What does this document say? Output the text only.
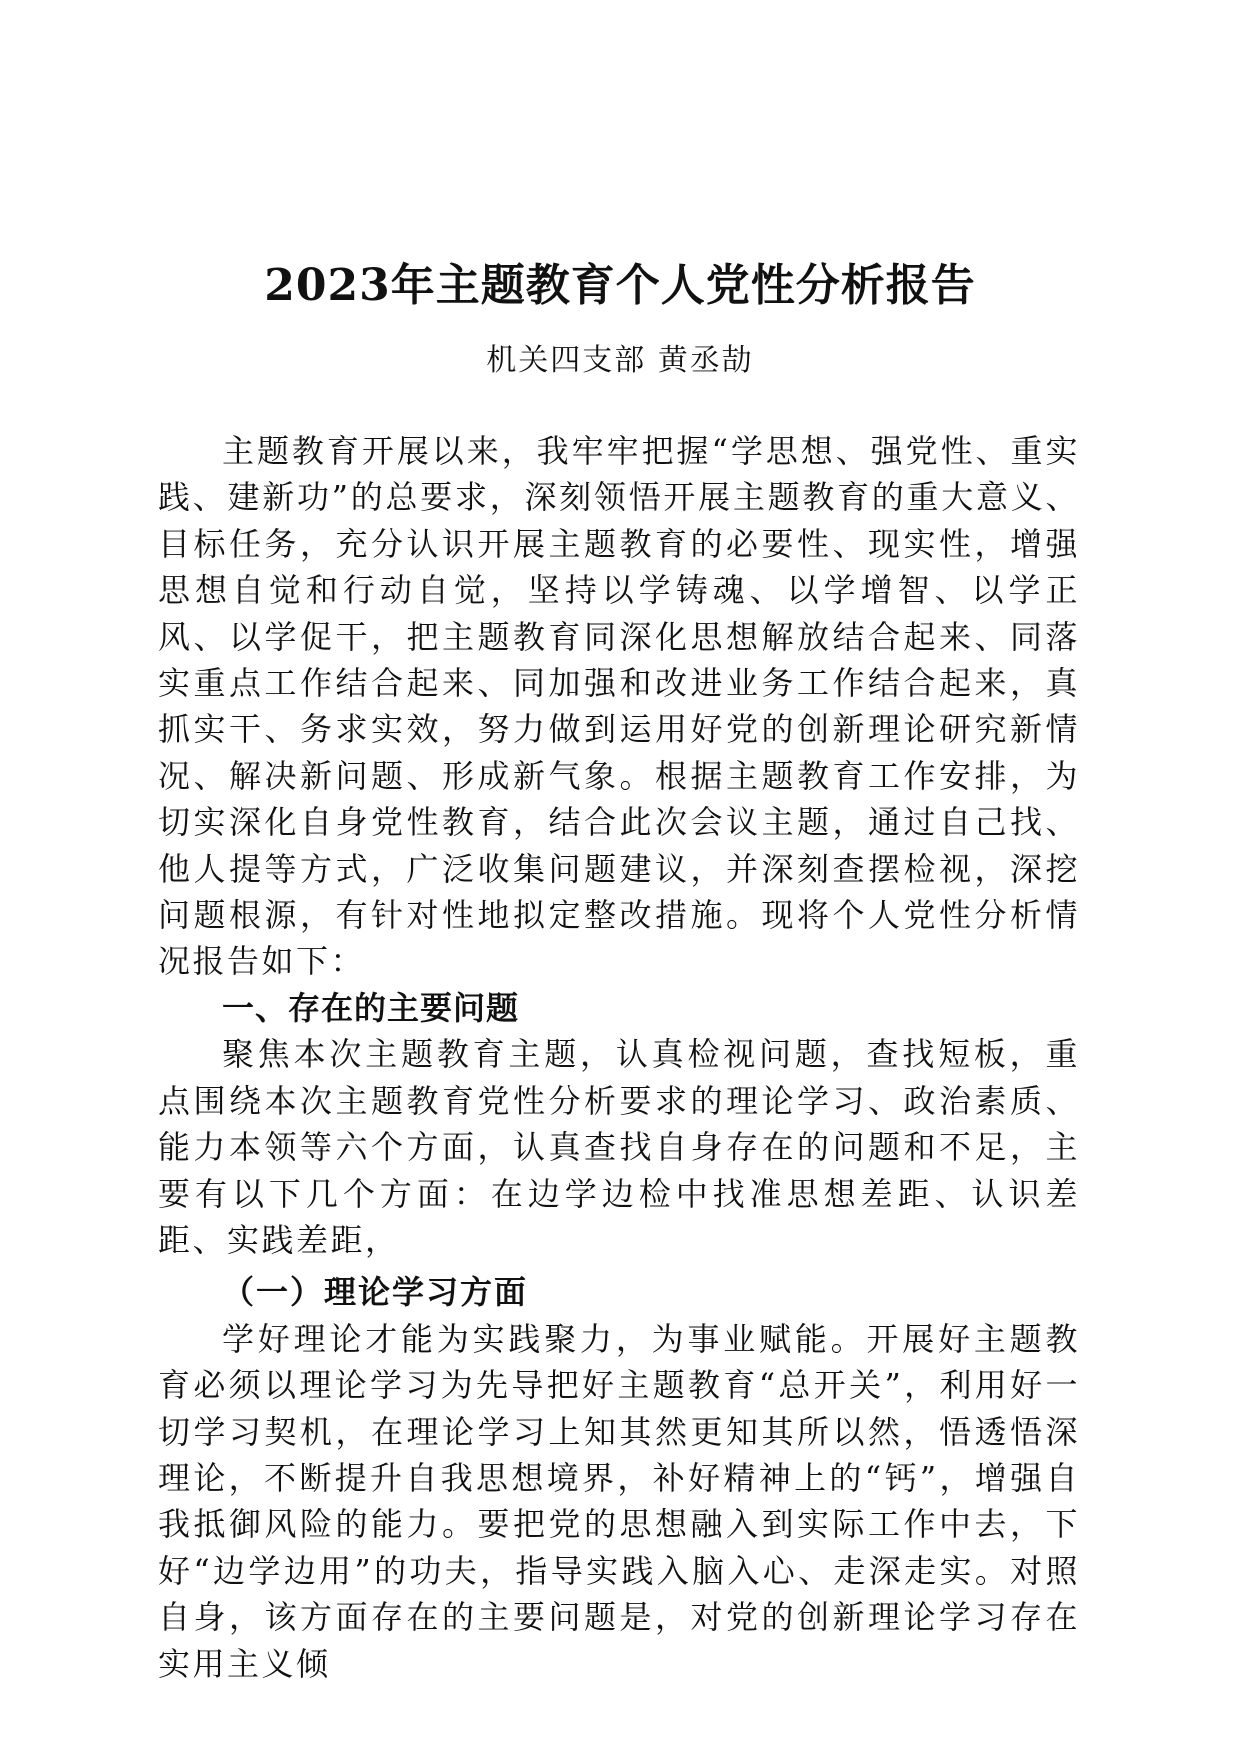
2023年主题教育个人党性分析报告
机关四支部 黄丞劼

主题教育开展以来，我牢牢把握“学思想、强党性、重实践、建新功”的总要求，深刻领悟开展主题教育的重大意义、目标任务，充分认识开展主题教育的必要性、现实性，增强思想自觉和行动自觉，坚持以学铸魂、以学增智、以学正风、以学促干，把主题教育同深化思想解放结合起来、同落实重点工作结合起来、同加强和改进业务工作结合起来，真抓实干、务求实效，努力做到运用好党的创新理论研究新情况、解决新问题、形成新气象。根据主题教育工作安排，为切实深化自身党性教育，结合此次会议主题，通过自己找、他人提等方式，广泛收集问题建议，并深刻查摆检视，深挖问题根源，有针对性地拟定整改措施。现将个人党性分析情况报告如下：

一、存在的主要问题

聚焦本次主题教育主题，认真检视问题，查找短板，重点围绕本次主题教育党性分析要求的理论学习、政治素质、能力本领等六个方面，认真查找自身存在的问题和不足，主要有以下几个方面：在边学边检中找准思想差距、认识差距、实践差距，

（一）理论学习方面

学好理论才能为实践聚力，为事业赋能。开展好主题教育必须以理论学习为先导把好主题教育“总开关”，利用好一切学习契机，在理论学习上知其然更知其所以然，悟透悟深理论，不断提升自我思想境界，补好精神上的“钙”，增强自我抵御风险的能力。要把党的思想融入到实际工作中去，下好“边学边用”的功夫，指导实践入脑入心、走深走实。对照自身，该方面存在的主要问题是，对党的创新理论学习存在实用主义倾
